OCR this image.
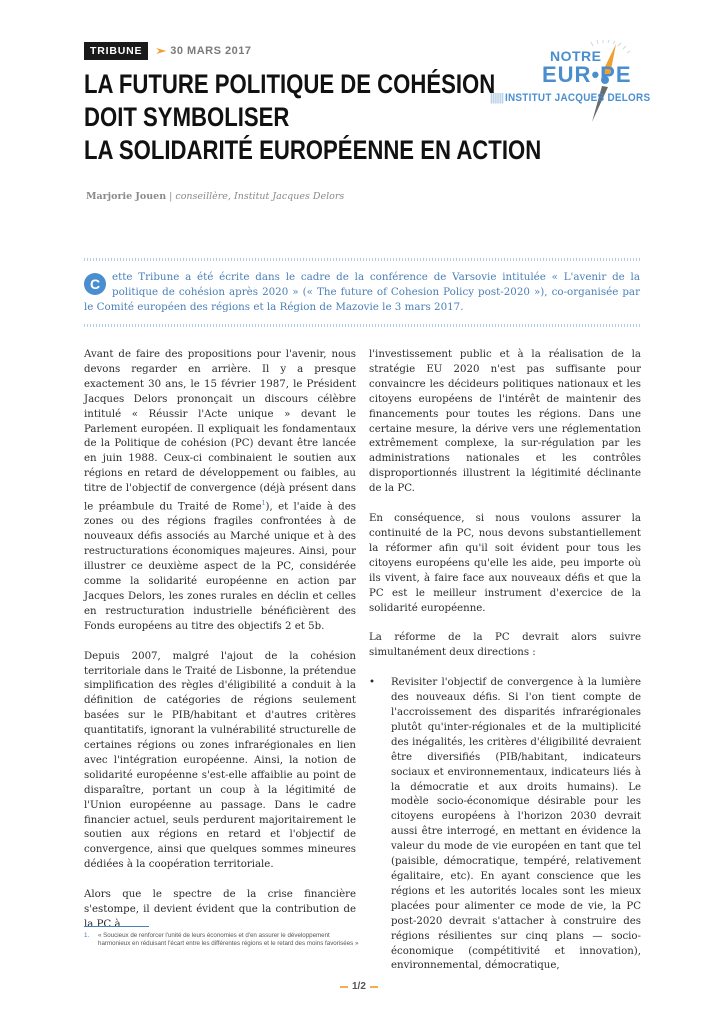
TRIBUNE	30 MARS 2017
LA FUTURE POLITIQUE DE COHÉSION
DOIT SYMBOLISER
LA SOLIDARITÉ EUROPÉENNE EN ACTION
Marjorie Jouen | conseillère, Institut Jacques Delors
NOTRE
EUR•PE
||||||| INSTITUT JACQUES DELORS
C	ette Tribune a été écrite dans le cadre de la conférence de Varsovie intitulée « L'avenir de la politique de cohésion après 2020 » (« The future of Cohesion Policy post-2020 »), co-organisée par le Comité européen des régions et la Région de Mazovie le 3 mars 2017.

Avant de faire des propositions pour l'avenir, nous devons regarder en arrière. Il y a presque exactement 30 ans, le 15 février 1987, le Président Jacques Delors prononçait un discours célèbre intitulé « Réussir l'Acte unique » devant le Parlement européen. Il expliquait les fondamentaux de la Politique de cohésion (PC) devant être lancée en juin 1988. Ceux-ci combinaient le soutien aux régions en retard de développement ou faibles, au titre de l'objectif de convergence (déjà présent dans le préambule du Traité de Rome$^1$), et l'aide à des zones ou des régions fragiles confrontées à de nouveaux défis associés au Marché unique et à des restructurations économiques majeures. Ainsi, pour illustrer ce deuxième aspect de la PC, considérée comme la solidarité européenne en action par Jacques Delors, les zones rurales en déclin et celles en restructuration industrielle bénéficièrent des Fonds européens au titre des objectifs 2 et 5b.

Depuis 2007, malgré l'ajout de la cohésion territoriale dans le Traité de Lisbonne, la prétendue simplification des règles d'éligibilité a conduit à la définition de catégories de régions seulement basées sur le PIB/habitant et d'autres critères quantitatifs, ignorant la vulnérabilité structurelle de certaines régions ou zones infrarégionales en lien avec l'intégration européenne. Ainsi, la notion de solidarité européenne s'est-elle affaiblie au point de disparaître, portant un coup à la légitimité de l'Union européenne au passage. Dans le cadre financier actuel, seuls perdurent majoritairement le soutien aux régions en retard et l'objectif de convergence, ainsi que quelques sommes mineures dédiées à la coopération territoriale.

Alors que le spectre de la crise financière s'estompe, il devient évident que la contribution de la PC à

l'investissement public et à la réalisation de la stratégie EU 2020 n'est pas suffisante pour convaincre les décideurs politiques nationaux et les citoyens européens de l'intérêt de maintenir des financements pour toutes les régions. Dans une certaine mesure, la dérive vers une réglementation extrêmement complexe, la sur-régulation par les administrations nationales et les contrôles disproportionnés illustrent la légitimité déclinante de la PC.

En conséquence, si nous voulons assurer la continuité de la PC, nous devons substantiellement la réformer afin qu'il soit évident pour tous les citoyens européens qu'elle les aide, peu importe où ils vivent, à faire face aux nouveaux défis et que la PC est le meilleur instrument d'exercice de la solidarité européenne.

La réforme de la PC devrait alors suivre simultanément deux directions :

•	Revisiter l'objectif de convergence à la lumière des nouveaux défis. Si l'on tient compte de l'accroissement des disparités infrarégionales plutôt qu'inter-régionales et de la multiplicité des inégalités, les critères d'éligibilité devraient être diversifiés (PIB/habitant, indicateurs sociaux et environnementaux, indicateurs liés à la démocratie et aux droits humains). Le modèle socio-économique désirable pour les citoyens européens à l'horizon 2030 devrait aussi être interrogé, en mettant en évidence la valeur du mode de vie européen en tant que tel (paisible, démocratique, tempéré, relativement égalitaire, etc). En ayant conscience que les régions et les autorités locales sont les mieux placées pour alimenter ce mode de vie, la PC post-2020 devrait s'attacher à construire des régions résilientes sur cinq plans — socio-économique (compétitivité et innovation), environnemental, démocratique,
1.	« Soucieux de renforcer l'unité de leurs économies et d'en assurer le développement harmonieux en réduisant l'écart entre les différentes régions et le retard des moins favorisées »
1/2
